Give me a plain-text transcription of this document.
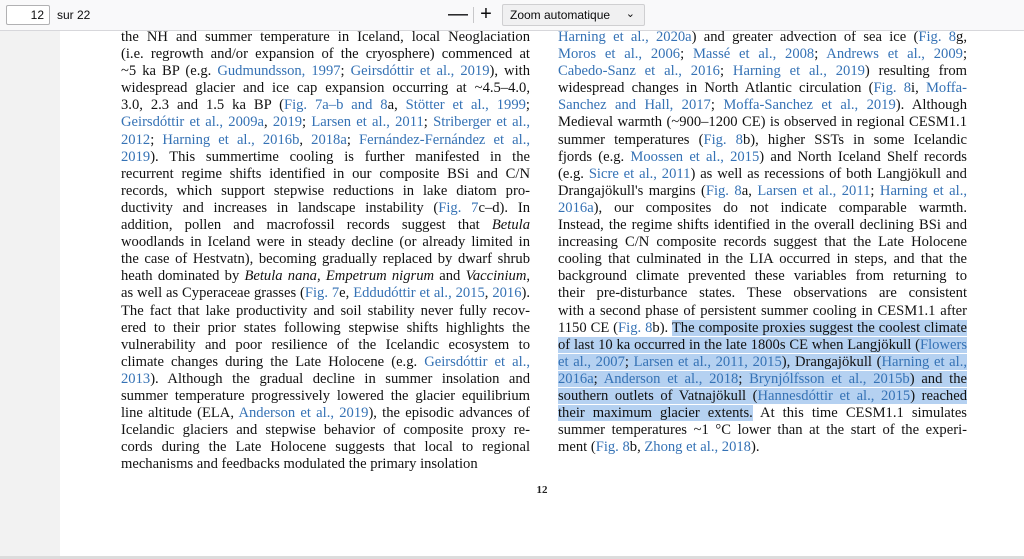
12
sur 22	— +	Zoom automatique ⌄

the NH and summer temperature in Iceland, local Neoglaciation
(i.e. regrowth and/or expansion of the cryosphere) commenced at
~5 ka BP (e.g. Gudmundsson, 1997; Geirsdóttir et al., 2019), with
widespread glacier and ice cap expansion occurring at ~4.5–4.0,
3.0, 2.3 and 1.5 ka BP (Fig. 7a–b and 8a, Stötter et al., 1999;
Geirsdóttir et al., 2009a, 2019; Larsen et al., 2011; Striberger et al.,
2012; Harning et al., 2016b, 2018a; Fernández-Fernández et al.,
2019). This summertime cooling is further manifested in the
recurrent regime shifts identified in our composite BSi and C/N
records, which support stepwise reductions in lake diatom pro-
ductivity and increases in landscape instability (Fig. 7c–d). In
addition, pollen and macrofossil records suggest that Betula
woodlands in Iceland were in steady decline (or already limited in
the case of Hestvatn), becoming gradually replaced by dwarf shrub
heath dominated by Betula nana, Empetrum nigrum and Vaccinium,
as well as Cyperaceae grasses (Fig. 7e, Eddudóttir et al., 2015, 2016).
The fact that lake productivity and soil stability never fully recov-
ered to their prior states following stepwise shifts highlights the
vulnerability and poor resilience of the Icelandic ecosystem to
climate changes during the Late Holocene (e.g. Geirsdóttir et al.,
2013). Although the gradual decline in summer insolation and
summer temperature progressively lowered the glacier equilibrium
line altitude (ELA, Anderson et al., 2019), the episodic advances of
Icelandic glaciers and stepwise behavior of composite proxy re-
cords during the Late Holocene suggests that local to regional
mechanisms and feedbacks modulated the primary insolation

Harning et al., 2020a) and greater advection of sea ice (Fig. 8g,
Moros et al., 2006; Massé et al., 2008; Andrews et al., 2009;
Cabedo-Sanz et al., 2016; Harning et al., 2019) resulting from
widespread changes in North Atlantic circulation (Fig. 8i, Moffa-
Sanchez and Hall, 2017; Moffa-Sanchez et al., 2019). Although
Medieval warmth (~900–1200 CE) is observed in regional CESM1.1
summer temperatures (Fig. 8b), higher SSTs in some Icelandic
fjords (e.g. Moossen et al., 2015) and North Iceland Shelf records
(e.g. Sicre et al., 2011) as well as recessions of both Langjökull and
Drangajökull's margins (Fig. 8a, Larsen et al., 2011; Harning et al.,
2016a), our composites do not indicate comparable warmth.
Instead, the regime shifts identified in the overall declining BSi and
increasing C/N composite records suggest that the Late Holocene
cooling that culminated in the LIA occurred in steps, and that the
background climate prevented these variables from returning to
their pre-disturbance states. These observations are consistent
with a second phase of persistent summer cooling in CESM1.1 after
1150 CE (Fig. 8b). The composite proxies suggest the coolest climate
of last 10 ka occurred in the late 1800s CE when Langjökull (Flowers
et al., 2007; Larsen et al., 2011, 2015), Drangajökull (Harning et al.,
2016a; Anderson et al., 2018; Brynjólfsson et al., 2015b) and the
southern outlets of Vatnajökull (Hannesdóttir et al., 2015) reached
their maximum glacier extents. At this time CESM1.1 simulates
summer temperatures ~1 °C lower than at the start of the experi-
ment (Fig. 8b, Zhong et al., 2018).

12
